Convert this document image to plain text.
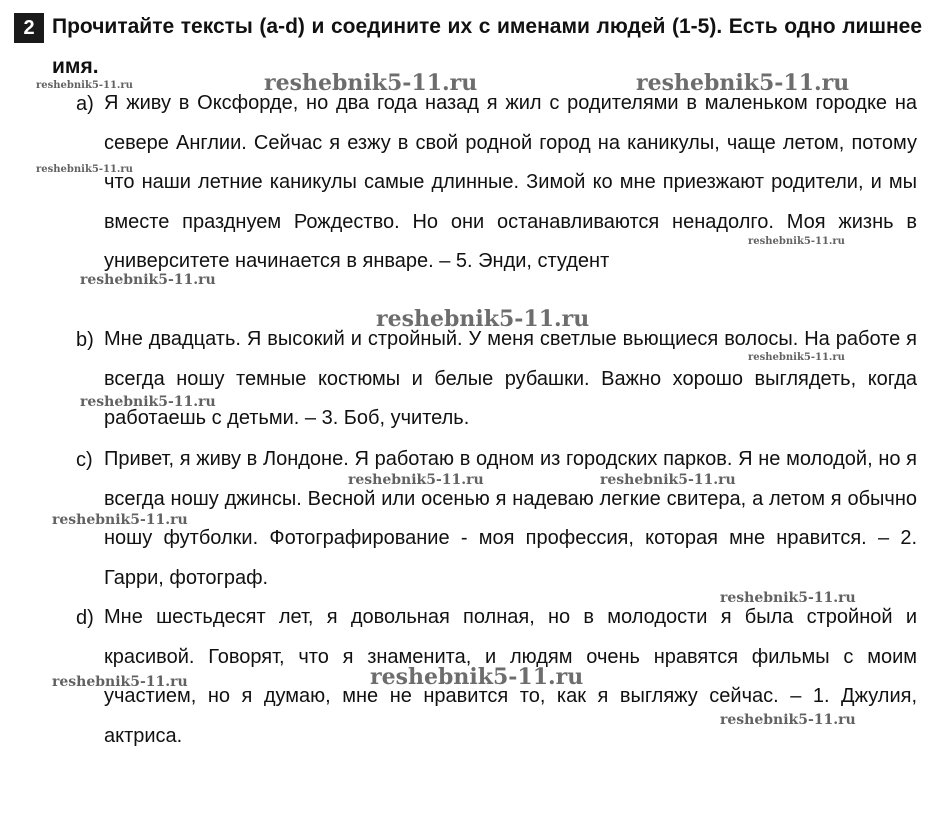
2 Прочитайте тексты (a-d) и соедините их с именами людей (1-5). Есть одно лишнее имя.
a) Я живу в Оксфорде, но два года назад я жил с родителями в маленьком городке на севере Англии. Сейчас я езжу в свой родной город на каникулы, чаще летом, потому что наши летние каникулы самые длинные. Зимой ко мне приезжают родители, и мы вместе празднуем Рождество. Но они останавливаются ненадолго. Моя жизнь в университете начинается в январе. – 5. Энди, студент
b) Мне двадцать. Я высокий и стройный. У меня светлые вьющиеся волосы. На работе я всегда ношу темные костюмы и белые рубашки. Важно хорошо выглядеть, когда работаешь с детьми. – 3. Боб, учитель.
c) Привет, я живу в Лондоне. Я работаю в одном из городских парков. Я не молодой, но я всегда ношу джинсы. Весной или осенью я надеваю легкие свитера, а летом я обычно ношу футболки. Фотографирование - моя профессия, которая мне нравится. – 2. Гарри, фотограф.
d) Мне шестьдесят лет, я довольная полная, но в молодости я была стройной и красивой. Говорят, что я знаменита, и людям очень нравятся фильмы с моим участием, но я думаю, мне не нравится то, как я выгляжу сейчас. – 1. Джулия, актриса.
reshebnik5-11.ru	reshebnik5-11.ru	reshebnik5-11.ru
reshebnik5-11.ru
reshebnik5-11.ru
reshebnik5-11.ru
reshebnik5-11.ru
reshebnik5-11.ru
reshebnik5-11.ru
reshebnik5-11.ru	reshebnik5-11.ru
reshebnik5-11.ru
reshebnik5-11.ru
reshebnik5-11.ru
reshebnik5-11.ru
reshebnik5-11.ru
